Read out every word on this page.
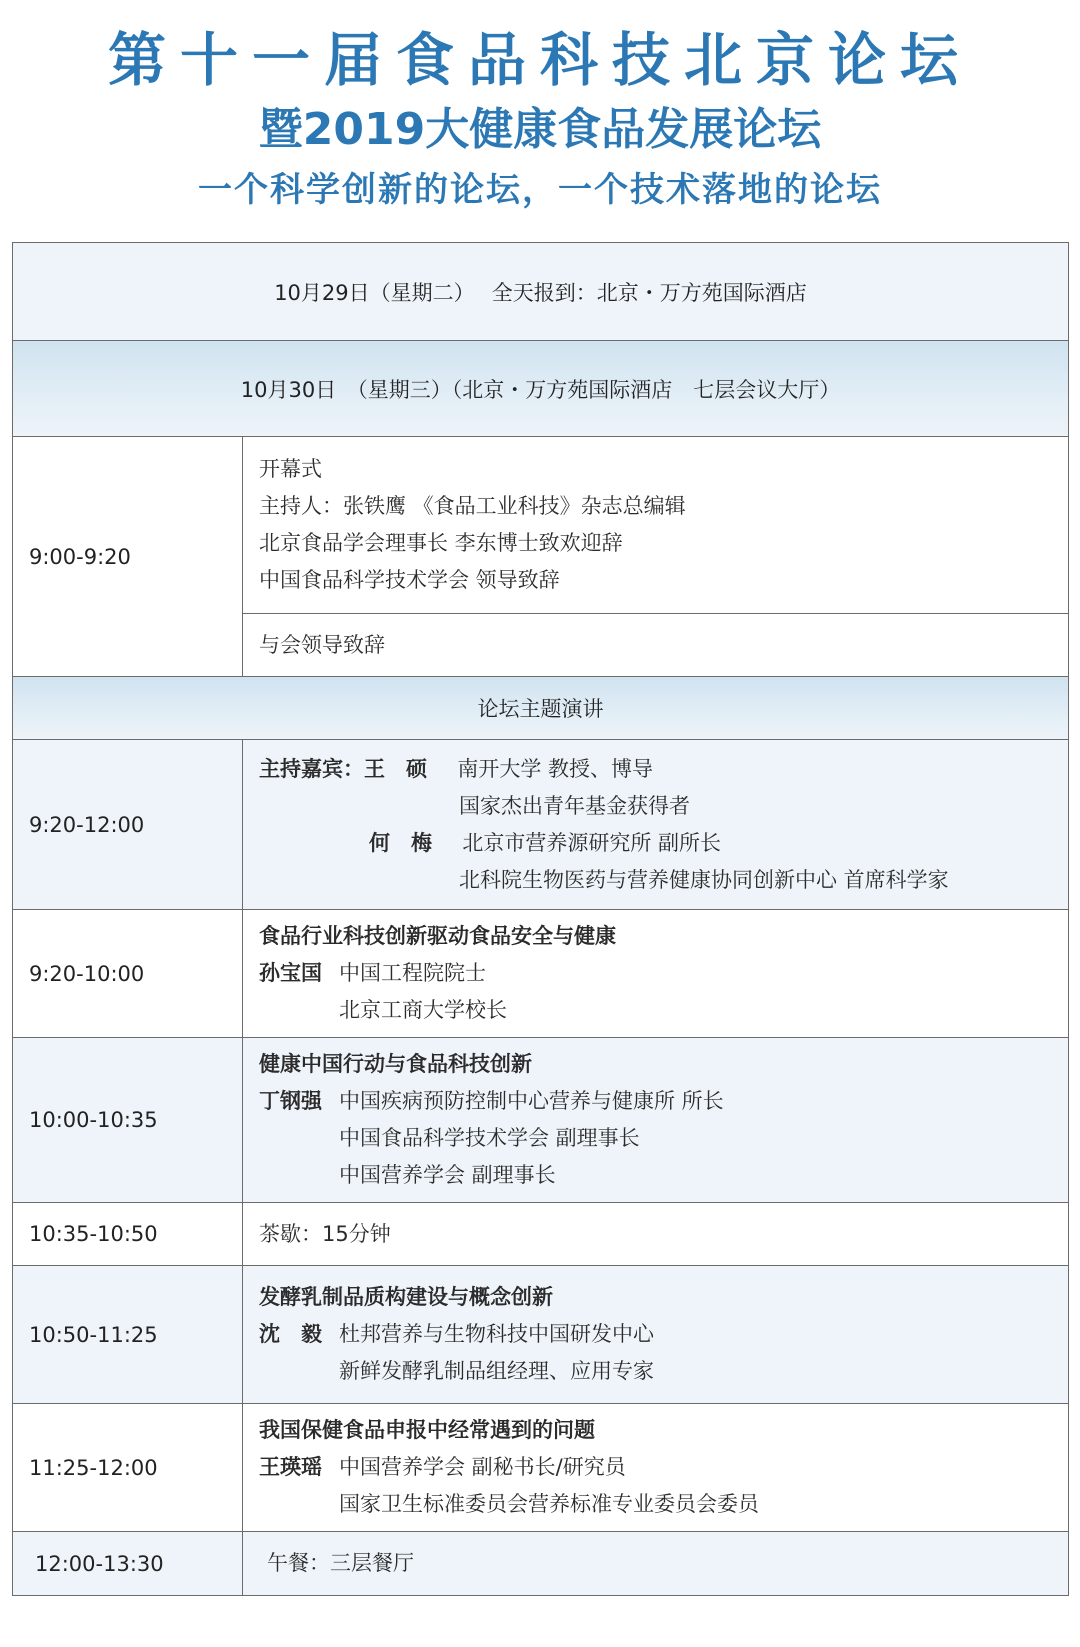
第十一届食品科技北京论坛
暨2019大健康食品发展论坛
一个科学创新的论坛，一个技术落地的论坛
10月29日（星期二）　 全天报到：北京・万方苑国际酒店	
10月30日　（星期三）（北京・万方苑国际酒店　七层会议大厅）	
9:00-9:20	开幕式
主持人：张铁鹰 《食品工业科技》杂志总编辑
北京食品学会理事长 李东博士致欢迎辞
中国食品科学技术学会 领导致辞

	与会领导致辞
论坛主题演讲	
9:20-12:00	主持嘉宾：王　硕 南开大学 教授、博导
国家杰出青年基金获得者
何　梅 北京市营养源研究所 副所长
北科院生物医药与营养健康协同创新中心 首席科学家

9:20-10:00	食品行业科技创新驱动食品安全与健康
孙宝国 中国工程院院士
北京工商大学校长

10:00-10:35	健康中国行动与食品科技创新
丁钢强 中国疾病预防控制中心营养与健康所 所长
中国食品科学技术学会 副理事长
中国营养学会 副理事长

10:35-10:50	茶歇：15分钟
10:50-11:25	发酵乳制品质构建设与概念创新
沈　毅 杜邦营养与生物科技中国研发中心
新鲜发酵乳制品组经理、应用专家

11:25-12:00	我国保健食品申报中经常遇到的问题
王瑛瑶 中国营养学会 副秘书长/研究员
国家卫生标准委员会营养标准专业委员会委员

12:00-13:30	午餐：三层餐厅
